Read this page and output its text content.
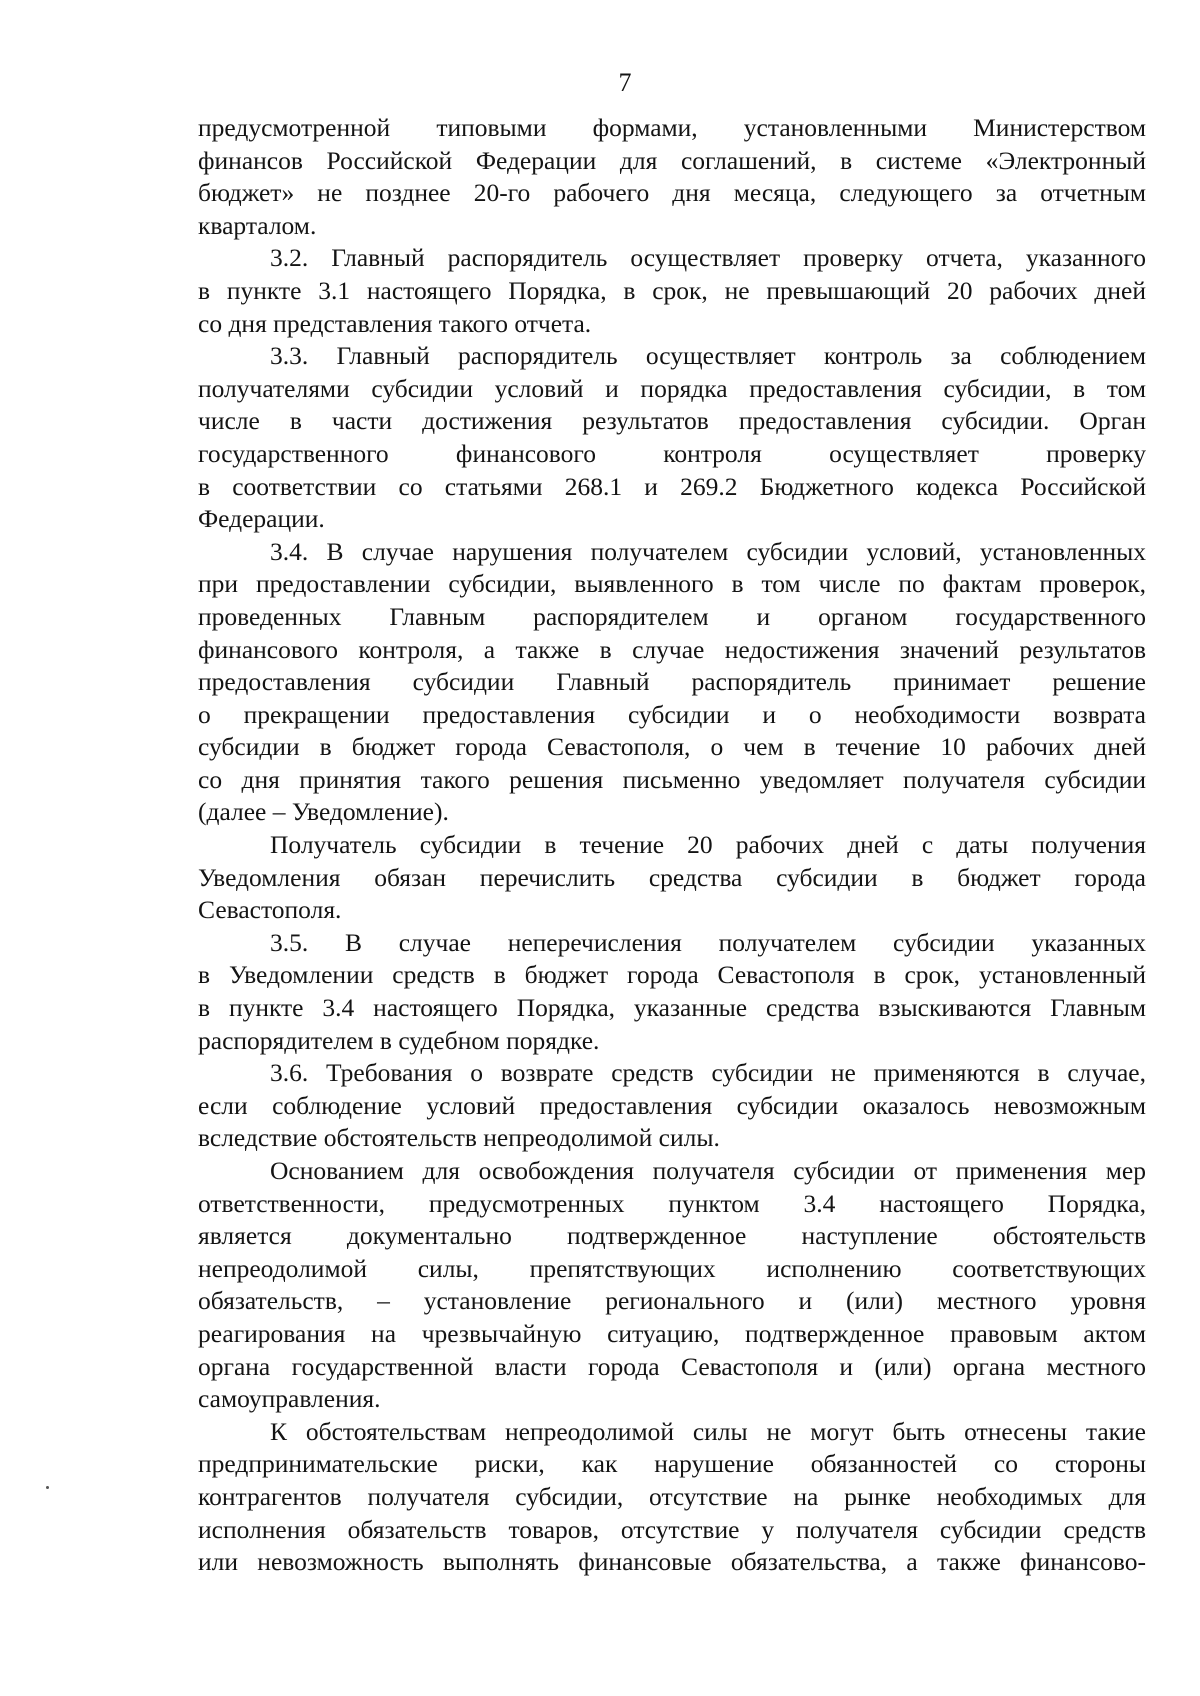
7
предусмотренной типовыми формами, установленными Министерством
финансов Российской Федерации для соглашений, в системе «Электронный
бюджет» не позднее 20-го рабочего дня месяца, следующего за отчетным
кварталом.
3.2. Главный распорядитель осуществляет проверку отчета, указанного
в пункте 3.1 настоящего Порядка, в срок, не превышающий 20 рабочих дней
со дня представления такого отчета.
3.3. Главный распорядитель осуществляет контроль за соблюдением
получателями субсидии условий и порядка предоставления субсидии, в том
числе в части достижения результатов предоставления субсидии. Орган
государственного финансового контроля осуществляет проверку
в соответствии со статьями 268.1 и 269.2 Бюджетного кодекса Российской
Федерации.
3.4. В случае нарушения получателем субсидии условий, установленных
при предоставлении субсидии, выявленного в том числе по фактам проверок,
проведенных Главным распорядителем и органом государственного
финансового контроля, а также в случае недостижения значений результатов
предоставления субсидии Главный распорядитель принимает решение
о прекращении предоставления субсидии и о необходимости возврата
субсидии в бюджет города Севастополя, о чем в течение 10 рабочих дней
со дня принятия такого решения письменно уведомляет получателя субсидии
(далее – Уведомление).
Получатель субсидии в течение 20 рабочих дней с даты получения
Уведомления обязан перечислить средства субсидии в бюджет города
Севастополя.
3.5. В случае неперечисления получателем субсидии указанных
в Уведомлении средств в бюджет города Севастополя в срок, установленный
в пункте 3.4 настоящего Порядка, указанные средства взыскиваются Главным
распорядителем в судебном порядке.
3.6. Требования о возврате средств субсидии не применяются в случае,
если соблюдение условий предоставления субсидии оказалось невозможным
вследствие обстоятельств непреодолимой силы.
Основанием для освобождения получателя субсидии от применения мер
ответственности, предусмотренных пунктом 3.4 настоящего Порядка,
является документально подтвержденное наступление обстоятельств
непреодолимой силы, препятствующих исполнению соответствующих
обязательств, – установление регионального и (или) местного уровня
реагирования на чрезвычайную ситуацию, подтвержденное правовым актом
органа государственной власти города Севастополя и (или) органа местного
самоуправления.
К обстоятельствам непреодолимой силы не могут быть отнесены такие
предпринимательские риски, как нарушение обязанностей со стороны
контрагентов получателя субсидии, отсутствие на рынке необходимых для
исполнения обязательств товаров, отсутствие у получателя субсидии средств
или невозможность выполнять финансовые обязательства, а также финансово-
